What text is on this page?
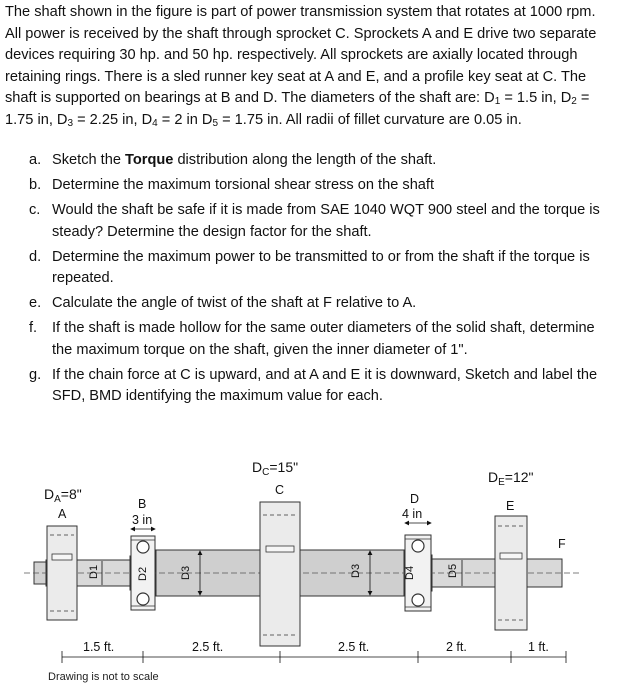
The shaft shown in the figure is part of power transmission system that rotates at 1000 rpm. All power is received by the shaft through sprocket C. Sprockets A and E drive two separate devices requiring 30 hp. and 50 hp. respectively. All sprockets are axially located through retaining rings. There is a sled runner key seat at A and E, and a profile key seat at C. The shaft is supported on bearings at B and D. The diameters of the shaft are: $D_1 = 1.5$ in, $D_2 = 1.75$ in, $D_3 = 2.25$ in, $D_4 = 2$ in $D_5 = 1.75$ in. All radii of fillet curvature are 0.05 in.

a. Sketch the Torque distribution along the length of the shaft.
b. Determine the maximum torsional shear stress on the shaft
c. Would the shaft be safe if it is made from SAE 1040 WQT 900 steel and the torque is steady? Determine the design factor for the shaft.
d. Determine the maximum power to be transmitted to or from the shaft if the torque is repeated.
e. Calculate the angle of twist of the shaft at F relative to A.
f. If the shaft is made hollow for the same outer diameters of the solid shaft, determine the maximum torque on the shaft, given the inner diameter of 1".
g. If the chain force at C is upward, and at A and E it is downward, Sketch and label the SFD, BMD identifying the maximum value for each.
$D_C=15$"
$D_A=8$"
$D_E=12$"
A
B
C
D	E
F
3 in	4 in
D1	D2	D3	D3	D4	D5
1.5 ft.	2.5 ft.	2.5 ft.	2 ft.	1 ft.
Drawing is not to scale
